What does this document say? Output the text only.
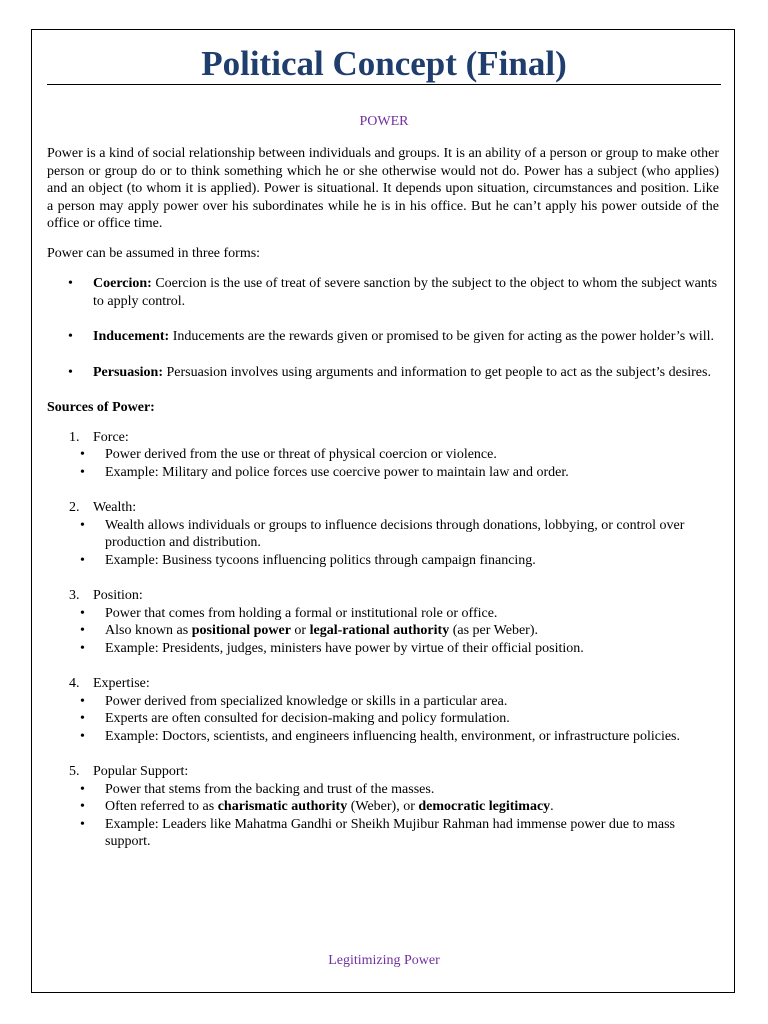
Political Concept (Final)
POWER

Power is a kind of social relationship between individuals and groups. It is an ability of a person or group to make other person or group do or to think something which he or she otherwise would not do. Power has a subject (who applies) and an object (to whom it is applied). Power is situational. It depends upon situation, circumstances and position. Like a person may apply power over his subordinates while he is in his office. But he can’t apply his power outside of the office or office time.

Power can be assumed in three forms:

• Coercion: Coercion is the use of treat of severe sanction by the subject to the object to whom the subject wants to apply control.
• Inducement: Inducements are the rewards given or promised to be given for acting as the power holder’s will.
• Persuasion: Persuasion involves using arguments and information to get people to act as the subject’s desires.

Sources of Power:

1. Force:
• Power derived from the use or threat of physical coercion or violence.
• Example: Military and police forces use coercive power to maintain law and order.
2. Wealth:
• Wealth allows individuals or groups to influence decisions through donations, lobbying, or control over production and distribution.
• Example: Business tycoons influencing politics through campaign financing.
3. Position:
• Power that comes from holding a formal or institutional role or office.
• Also known as positional power or legal-rational authority (as per Weber).
• Example: Presidents, judges, ministers have power by virtue of their official position.
4. Expertise:
• Power derived from specialized knowledge or skills in a particular area.
• Experts are often consulted for decision-making and policy formulation.
• Example: Doctors, scientists, and engineers influencing health, environment, or infrastructure policies.
5. Popular Support:
• Power that stems from the backing and trust of the masses.
• Often referred to as charismatic authority (Weber), or democratic legitimacy.
• Example: Leaders like Mahatma Gandhi or Sheikh Mujibur Rahman had immense power due to mass support.
Legitimizing Power
